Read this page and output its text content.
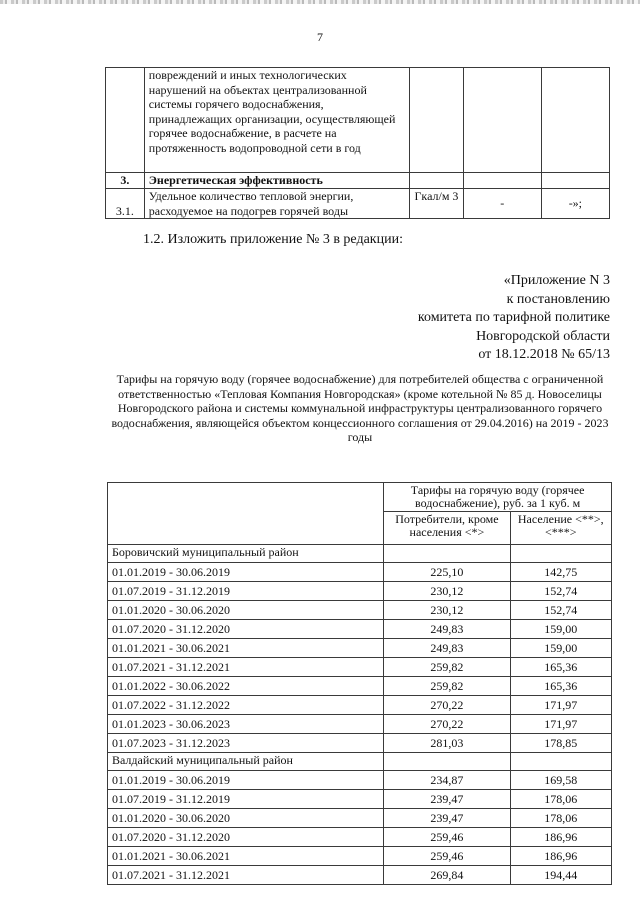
7
	повреждений и иных технологических нарушений на объектах централизованной системы горячего водоснабжения, принадлежащих организации, осуществляющей горячее водоснабжение, в расчете на протяженность водопроводной сети в год			
3.	Энергетическая эффективность			
3.1.	Удельное количество тепловой энергии, расходуемое на подогрев горячей воды	Гкал/м 3	-	-»;
1.2. Изложить приложение № 3 в редакции:
«Приложение N 3
к постановлению
комитета по тарифной политике
Новгородской области
от 18.12.2018 № 65/13
Тарифы на горячую воду (горячее водоснабжение) для потребителей общества с ограниченной ответственностью «Тепловая Компания Новгородская» (кроме котельной № 85 д. Новоселицы Новгородского района и системы коммунальной инфраструктуры централизованного горячего водоснабжения, являющейся объектом концессионного соглашения от 29.04.2016) на 2019 - 2023 годы
	Тарифы на горячую воду (горячее водоснабжение), руб. за 1 куб. м	
	Потребители, кроме населения <*>	Население <**>, <***>
Боровичский муниципальный район		
01.01.2019 - 30.06.2019	225,10	142,75
01.07.2019 - 31.12.2019	230,12	152,74
01.01.2020 - 30.06.2020	230,12	152,74
01.07.2020 - 31.12.2020	249,83	159,00
01.01.2021 - 30.06.2021	249,83	159,00
01.07.2021 - 31.12.2021	259,82	165,36
01.01.2022 - 30.06.2022	259,82	165,36
01.07.2022 - 31.12.2022	270,22	171,97
01.01.2023 - 30.06.2023	270,22	171,97
01.07.2023 - 31.12.2023	281,03	178,85
Валдайский муниципальный район		
01.01.2019 - 30.06.2019	234,87	169,58
01.07.2019 - 31.12.2019	239,47	178,06
01.01.2020 - 30.06.2020	239,47	178,06
01.07.2020 - 31.12.2020	259,46	186,96
01.01.2021 - 30.06.2021	259,46	186,96
01.07.2021 - 31.12.2021	269,84	194,44
